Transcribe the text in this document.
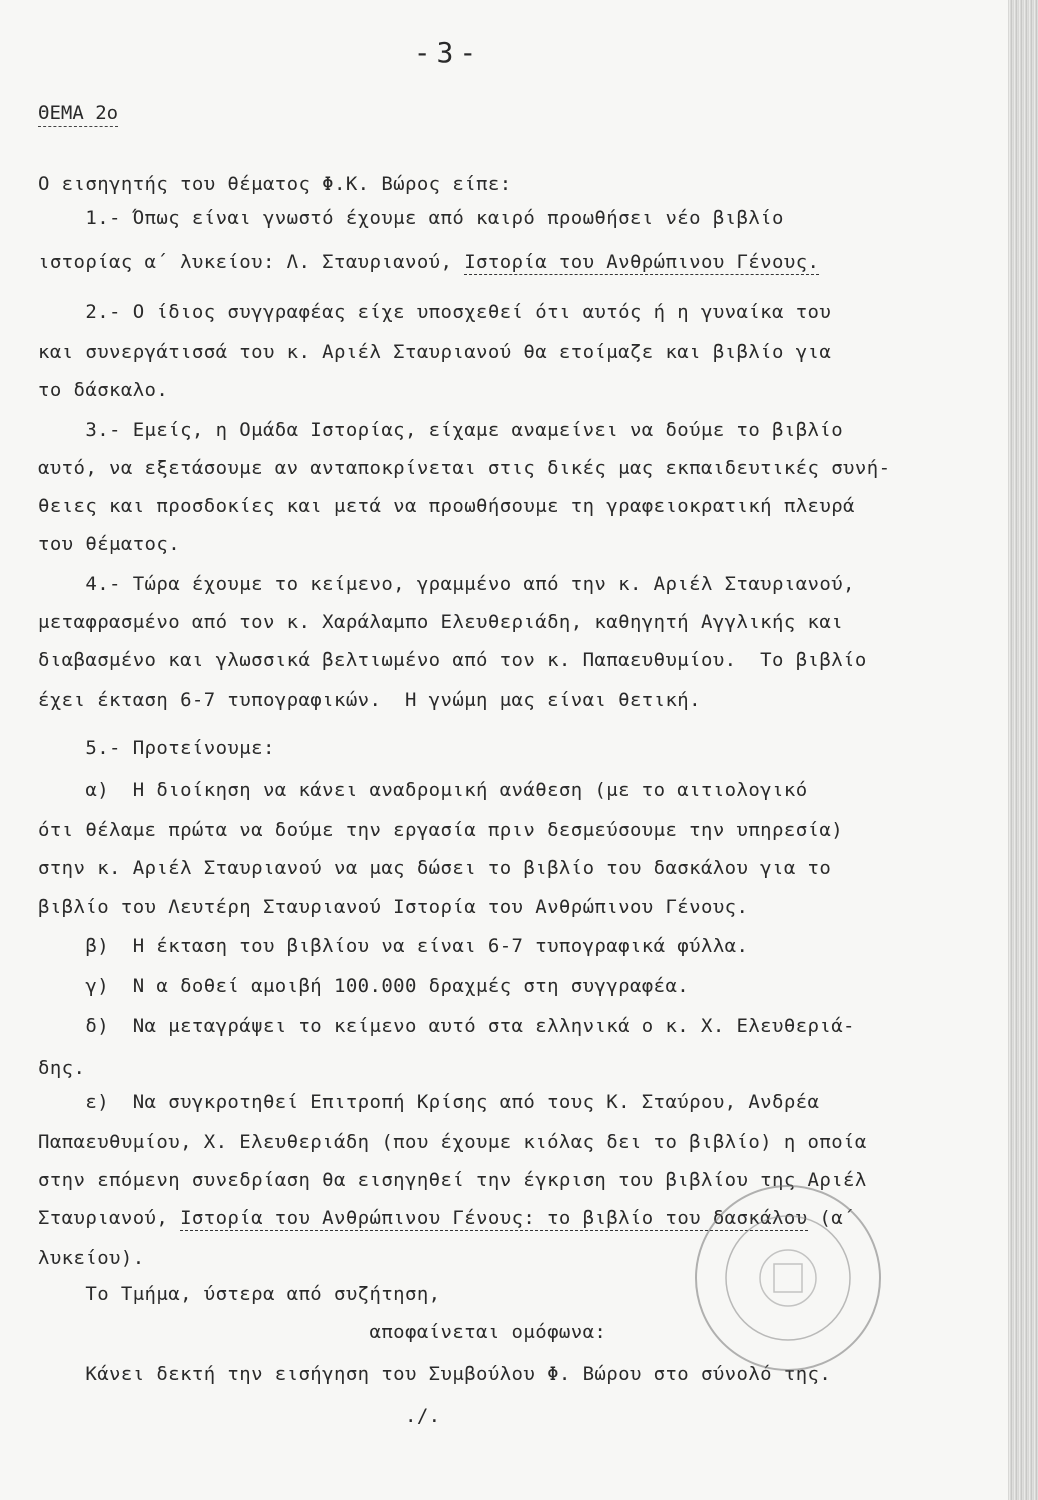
-3-
ΘΕΜΑ 2ο
Ο εισηγητής του θέματος Φ.Κ. Βώρος είπε:
1.- Όπως είναι γνωστό έχουμε από καιρό προωθήσει νέο βιβλίο
ιστορίας α΄ λυκείου: Λ. Σταυριανού, Ιστορία του Ανθρώπινου Γένους.
2.- Ο ίδιος συγγραφέας είχε υποσχεθεί ότι αυτός ή η γυναίκα του
και συνεργάτισσά του κ. Αριέλ Σταυριανού θα ετοίμαζε και βιβλίο για
το δάσκαλο.
3.- Εμείς, η Ομάδα Ιστορίας, είχαμε αναμείνει να δούμε το βιβλίο
αυτό, να εξετάσουμε αν ανταποκρίνεται στις δικές μας εκπαιδευτικές συνή-
θειες και προσδοκίες και μετά να προωθήσουμε τη γραφειοκρατική πλευρά
του θέματος.
4.- Τώρα έχουμε το κείμενο, γραμμένο από την κ. Αριέλ Σταυριανού,
μεταφρασμένο από τον κ. Χαράλαμπο Ελευθεριάδη, καθηγητή Αγγλικής και
διαβασμένο και γλωσσικά βελτιωμένο από τον κ. Παπαευθυμίου.  Το βιβλίο
έχει έκταση 6-7 τυπογραφικών.  Η γνώμη μας είναι θετική.
5.- Προτείνουμε:
α)  Η διοίκηση να κάνει αναδρομική ανάθεση (με το αιτιολογικό
ότι θέλαμε πρώτα να δούμε την εργασία πριν δεσμεύσουμε την υπηρεσία)
στην κ. Αριέλ Σταυριανού να μας δώσει το βιβλίο του δασκάλου για το
βιβλίο του Λευτέρη Σταυριανού Ιστορία του Ανθρώπινου Γένους.
β)  Η έκταση του βιβλίου να είναι 6-7 τυπογραφικά φύλλα.
γ)  Ν α δοθεί αμοιβή 100.000 δραχμές στη συγγραφέα.
δ)  Να μεταγράψει το κείμενο αυτό στα ελληνικά ο κ. Χ. Ελευθεριά-
δης.
ε)  Να συγκροτηθεί Επιτροπή Κρίσης από τους Κ. Σταύρου, Ανδρέα
Παπαευθυμίου, Χ. Ελευθεριάδη (που έχουμε κιόλας δει το βιβλίο) η οποία
στην επόμενη συνεδρίαση θα εισηγηθεί την έγκριση του βιβλίου της Αριέλ
Σταυριανού, Ιστορία του Ανθρώπινου Γένους: το βιβλίο του δασκάλου (α΄
λυκείου).
Το Τμήμα, ύστερα από συζήτηση,
αποφαίνεται ομόφωνα:
Κάνει δεκτή την εισήγηση του Συμβούλου Φ. Βώρου στο σύνολό της.
./.
